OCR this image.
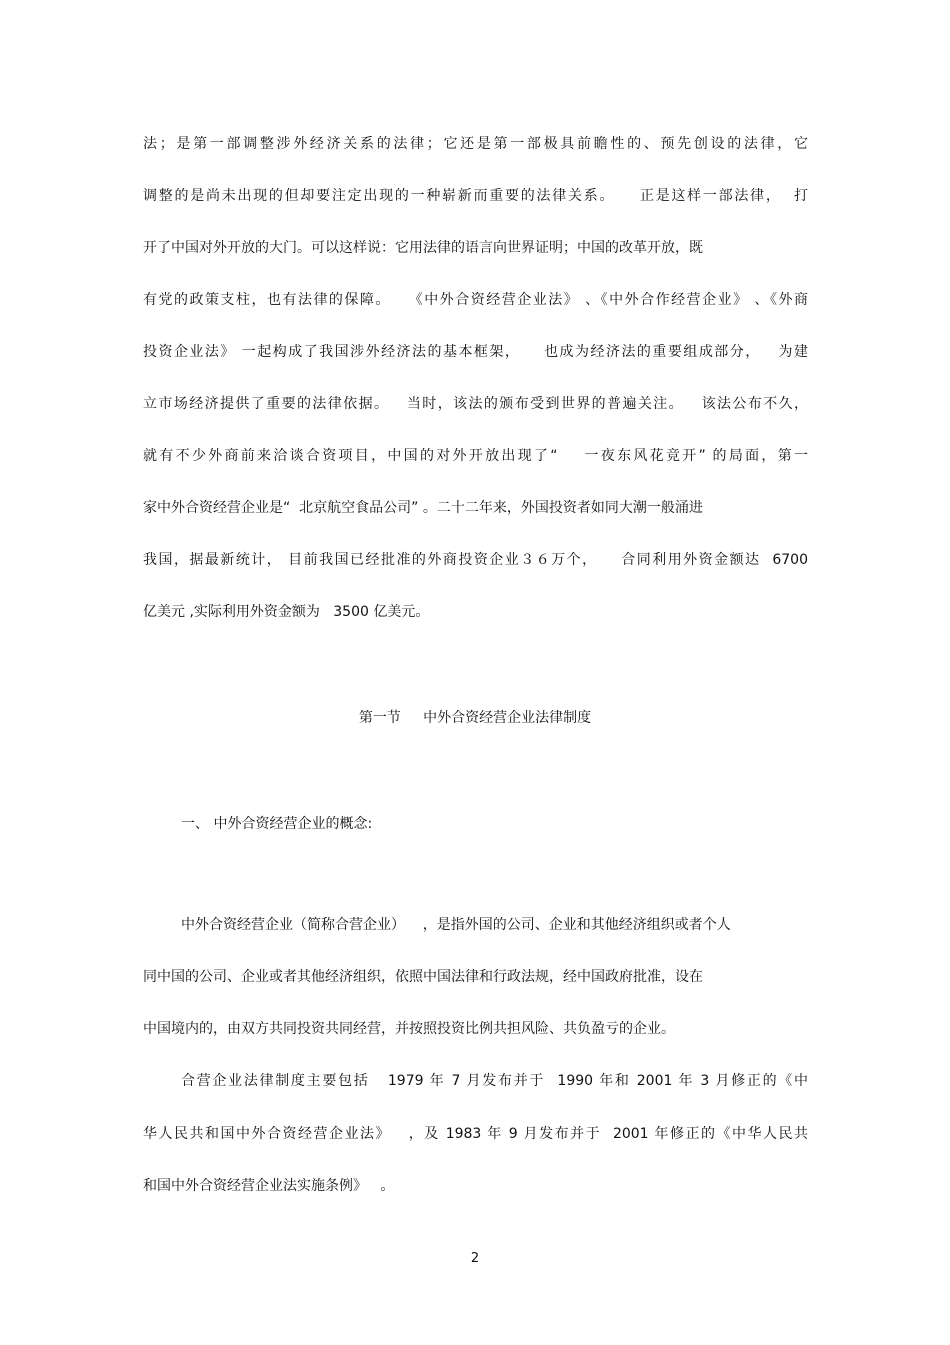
法；是第一部调整涉外经济关系的法律；它还是第一部极具前瞻性的、预先创设的法律，它
调整的是尚未出现的但却要注定出现的一种崭新而重要的法律关系。    正是这样一部法律，  打
开了中国对外开放的大门。可以这样说：它用法律的语言向世界证明；中国的改革开放，既
有党的政策支柱，也有法律的保障。   《中外合资经营企业法》 、《中外合作经营企业》 、《外商
投资企业法》 一起构成了我国涉外经济法的基本框架，    也成为经济法的重要组成部分，   为建
立市场经济提供了重要的法律依据。   当时，该法的颁布受到世界的普遍关注。   该法公布不久，
就有不少外商前来洽谈合资项目，中国的对外开放出现了“    一夜东风花竞开” 的局面，第一
家中外合资经营企业是“  北京航空食品公司” 。二十二年来，外国投资者如同大潮一般涌进
我国，据最新统计， 目前我国已经批准的外商投资企业３６万个，    合同利用外资金额达  6700
亿美元 ,实际利用外资金额为   3500 亿美元。
第一节     中外合资经营企业法律制度
一、 中外合资经营企业的概念:
中外合资经营企业（简称合营企业）    ，是指外国的公司、企业和其他经济组织或者个人
同中国的公司、企业或者其他经济组织，依照中国法律和行政法规，经中国政府批准，设在
中国境内的，由双方共同投资共同经营，并按照投资比例共担风险、共负盈亏的企业。
合营企业法律制度主要包括   1979 年 7 月发布并于  1990 年和 2001 年 3 月修正的《中
华人民共和国中外合资经营企业法》   ，及 1983 年 9 月发布并于  2001 年修正的《中华人民共
和国中外合资经营企业法实施条例》   。
2
